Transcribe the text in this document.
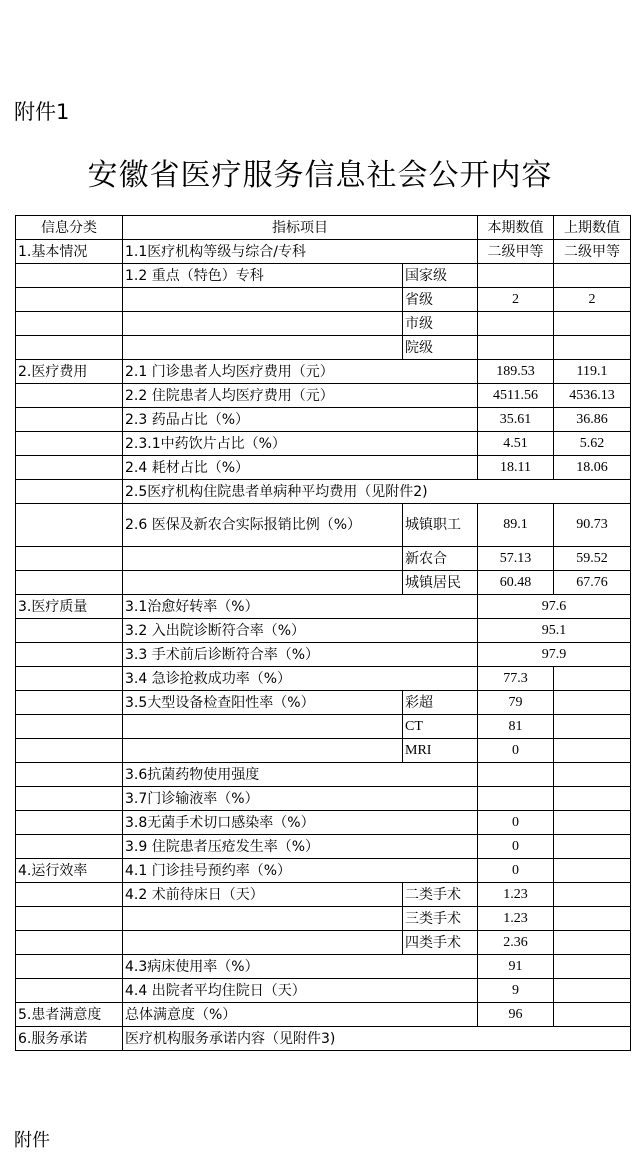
附件1
安徽省医疗服务信息社会公开内容
信息分类	指标项目		本期数值	上期数值
1.基本情况	1.1医疗机构等级与综合/专科		二级甲等	二级甲等
	1.2 重点（特色）专科	国家级		
		省级	2	2
		市级		
		院级		
2.医疗费用	2.1 门诊患者人均医疗费用（元）		189.53	119.1
	2.2 住院患者人均医疗费用（元）		4511.56	4536.13
	2.3 药品占比（%）		35.61	36.86
	2.3.1中药饮片占比（%）		4.51	5.62
	2.4 耗材占比（%）		18.11	18.06
	2.5医疗机构住院患者单病种平均费用（见附件2)			
	2.6 医保及新农合实际报销比例（%）	城镇职工	89.1	90.73
		新农合	57.13	59.52
		城镇居民	60.48	67.76
3.医疗质量	3.1治愈好转率（%）		97.6	
	3.2 入出院诊断符合率（%）		95.1	
	3.3 手术前后诊断符合率（%）		97.9	
	3.4 急诊抢救成功率（%）		77.3	
	3.5大型设备检查阳性率（%）	彩超	79	
		CT	81	
		MRI	0	
	3.6抗菌药物使用强度			
	3.7门诊输液率（%）			
	3.8无菌手术切口感染率（%）		0	
	3.9 住院患者压疮发生率（%）		0	
4.运行效率	4.1 门诊挂号预约率（%）		0	
	4.2 术前待床日（天）	二类手术	1.23	
		三类手术	1.23	
		四类手术	2.36	
	4.3病床使用率（%）		91	
	4.4 出院者平均住院日（天）		9	
5.患者满意度	总体满意度（%）		96	
6.服务承诺	医疗机构服务承诺内容（见附件3)			
附件
